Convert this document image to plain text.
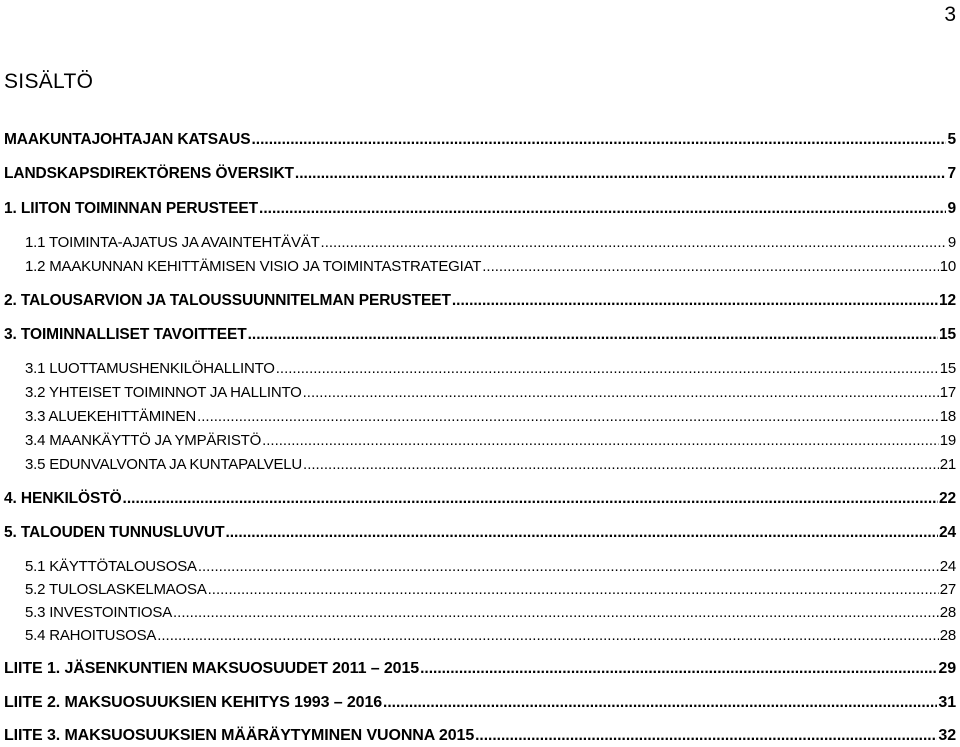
3
SISÄLTÖ
MAAKUNTAJOHTAJAN KATSAUS .....	5
LANDSKAPSDIREKTÖRENS ÖVERSIKT .....	7
1. LIITON TOIMINNAN PERUSTEET .....	9
1.1 TOIMINTA-AJATUS JA AVAINTEHTÄVÄT .....	9
1.2 MAAKUNNAN KEHITTÄMISEN VISIO JA TOIMINTASTRATEGIAT .....	10
2. TALOUSARVION JA TALOUSSUUNNITELMAN PERUSTEET .....	12
3. TOIMINNALLISET TAVOITTEET .....	15
3.1 LUOTTAMUSHENKILÖHALLINTO .....	15
3.2 YHTEISET TOIMINNOT JA HALLINTO .....	17
3.3 ALUEKEHITTÄMINEN .....	18
3.4 MAANKÄYTTÖ JA YMPÄRISTÖ .....	19
3.5 EDUNVALVONTA JA KUNTAPALVELU .....	21
4. HENKILÖSTÖ .....	22
5. TALOUDEN TUNNUSLUVUT .....	24
5.1 KÄYTTÖTALOUSOSA .....	24
5.2 TULOSLASKELMAOSA .....	27
5.3 INVESTOINTIOSA .....	28
5.4 RAHOITUSOSA .....	28
LIITE 1. JÄSENKUNTIEN MAKSUOSUUDET 2011 – 2015 .....	29
LIITE 2. MAKSUOSUUKSIEN KEHITYS 1993 – 2016 .....	31
LIITE 3. MAKSUOSUUKSIEN MÄÄRÄYTYMINEN VUONNA 2015 .....	32
